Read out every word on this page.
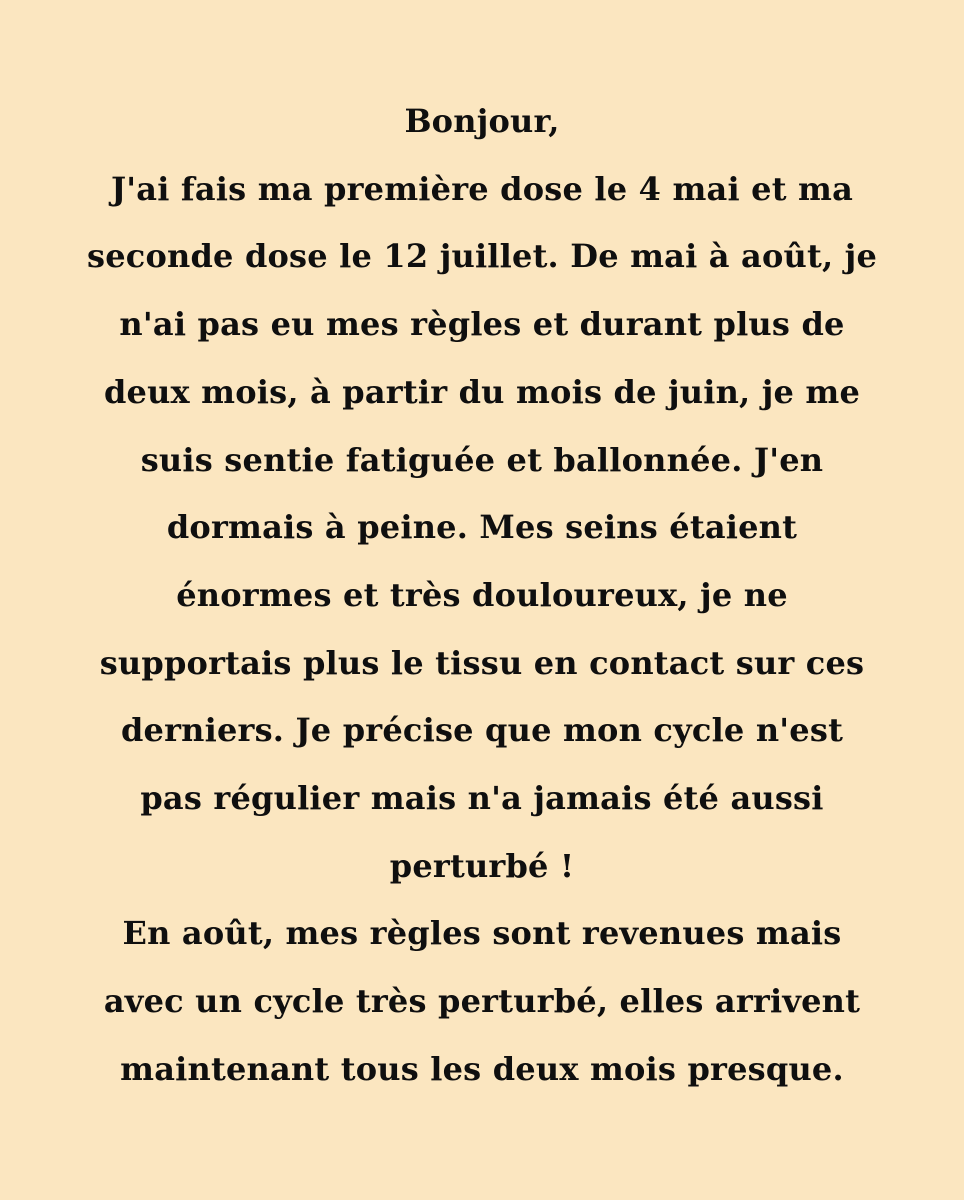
Bonjour,
J'ai fais ma première dose le 4 mai et ma
seconde dose le 12 juillet. De mai à août, je
n'ai pas eu mes règles et durant plus de
deux mois, à partir du mois de juin, je me
suis sentie fatiguée et ballonnée. J'en
dormais à peine. Mes seins étaient
énormes et très douloureux, je ne
supportais plus le tissu en contact sur ces
derniers. Je précise que mon cycle n'est
pas régulier mais n'a jamais été aussi
perturbé !
En août, mes règles sont revenues mais
avec un cycle très perturbé, elles arrivent
maintenant tous les deux mois presque.
